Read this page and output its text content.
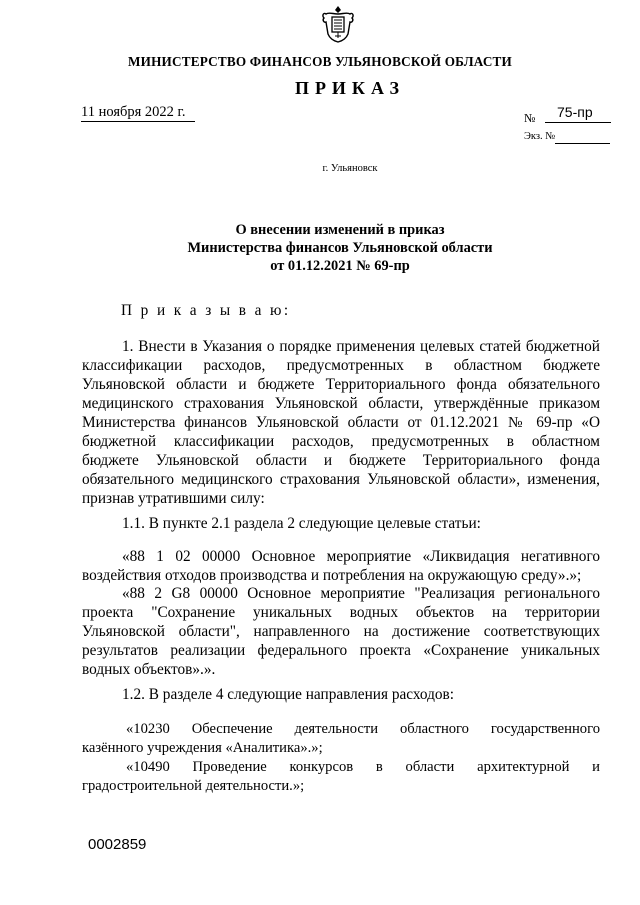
МИНИСТЕРСТВО ФИНАНСОВ УЛЬЯНОВСКОЙ ОБЛАСТИ
ПРИКАЗ
11 ноября 2022 г.	№ 75-пр
Экз. №
г. Ульяновск
О внесении изменений в приказ
Министерства финансов Ульяновской области
от 01.12.2021 № 69-пр
П р и к а з ы в а ю:
1. Внести в Указания о порядке применения целевых статей бюджетной
классификации расходов, предусмотренных в областном бюджете
Ульяновской области и бюджете Территориального фонда обязательного
медицинского страхования Ульяновской области, утверждённые приказом
Министерства финансов Ульяновской области от 01.12.2021 № 69-пр «О
бюджетной классификации расходов, предусмотренных в областном
бюджете Ульяновской области и бюджете Территориального фонда
обязательного медицинского страхования Ульяновской области», изменения,
признав утратившими силу:
1.1. В пункте 2.1 раздела 2 следующие целевые статьи:
«88 1 02 00000 Основное мероприятие «Ликвидация негативного
воздействия отходов производства и потребления на окружающую среду».»;
«88 2 G8 00000 Основное мероприятие "Реализация регионального
проекта "Сохранение уникальных водных объектов на территории
Ульяновской области", направленного на достижение соответствующих
результатов реализации федерального проекта «Сохранение уникальных
водных объектов».».
1.2. В разделе 4 следующие направления расходов:
«10230 Обеспечение деятельности областного государственного
казённого учреждения «Аналитика».»;
«10490 Проведение конкурсов в области архитектурной и
градостроительной деятельности.»;
0002859
